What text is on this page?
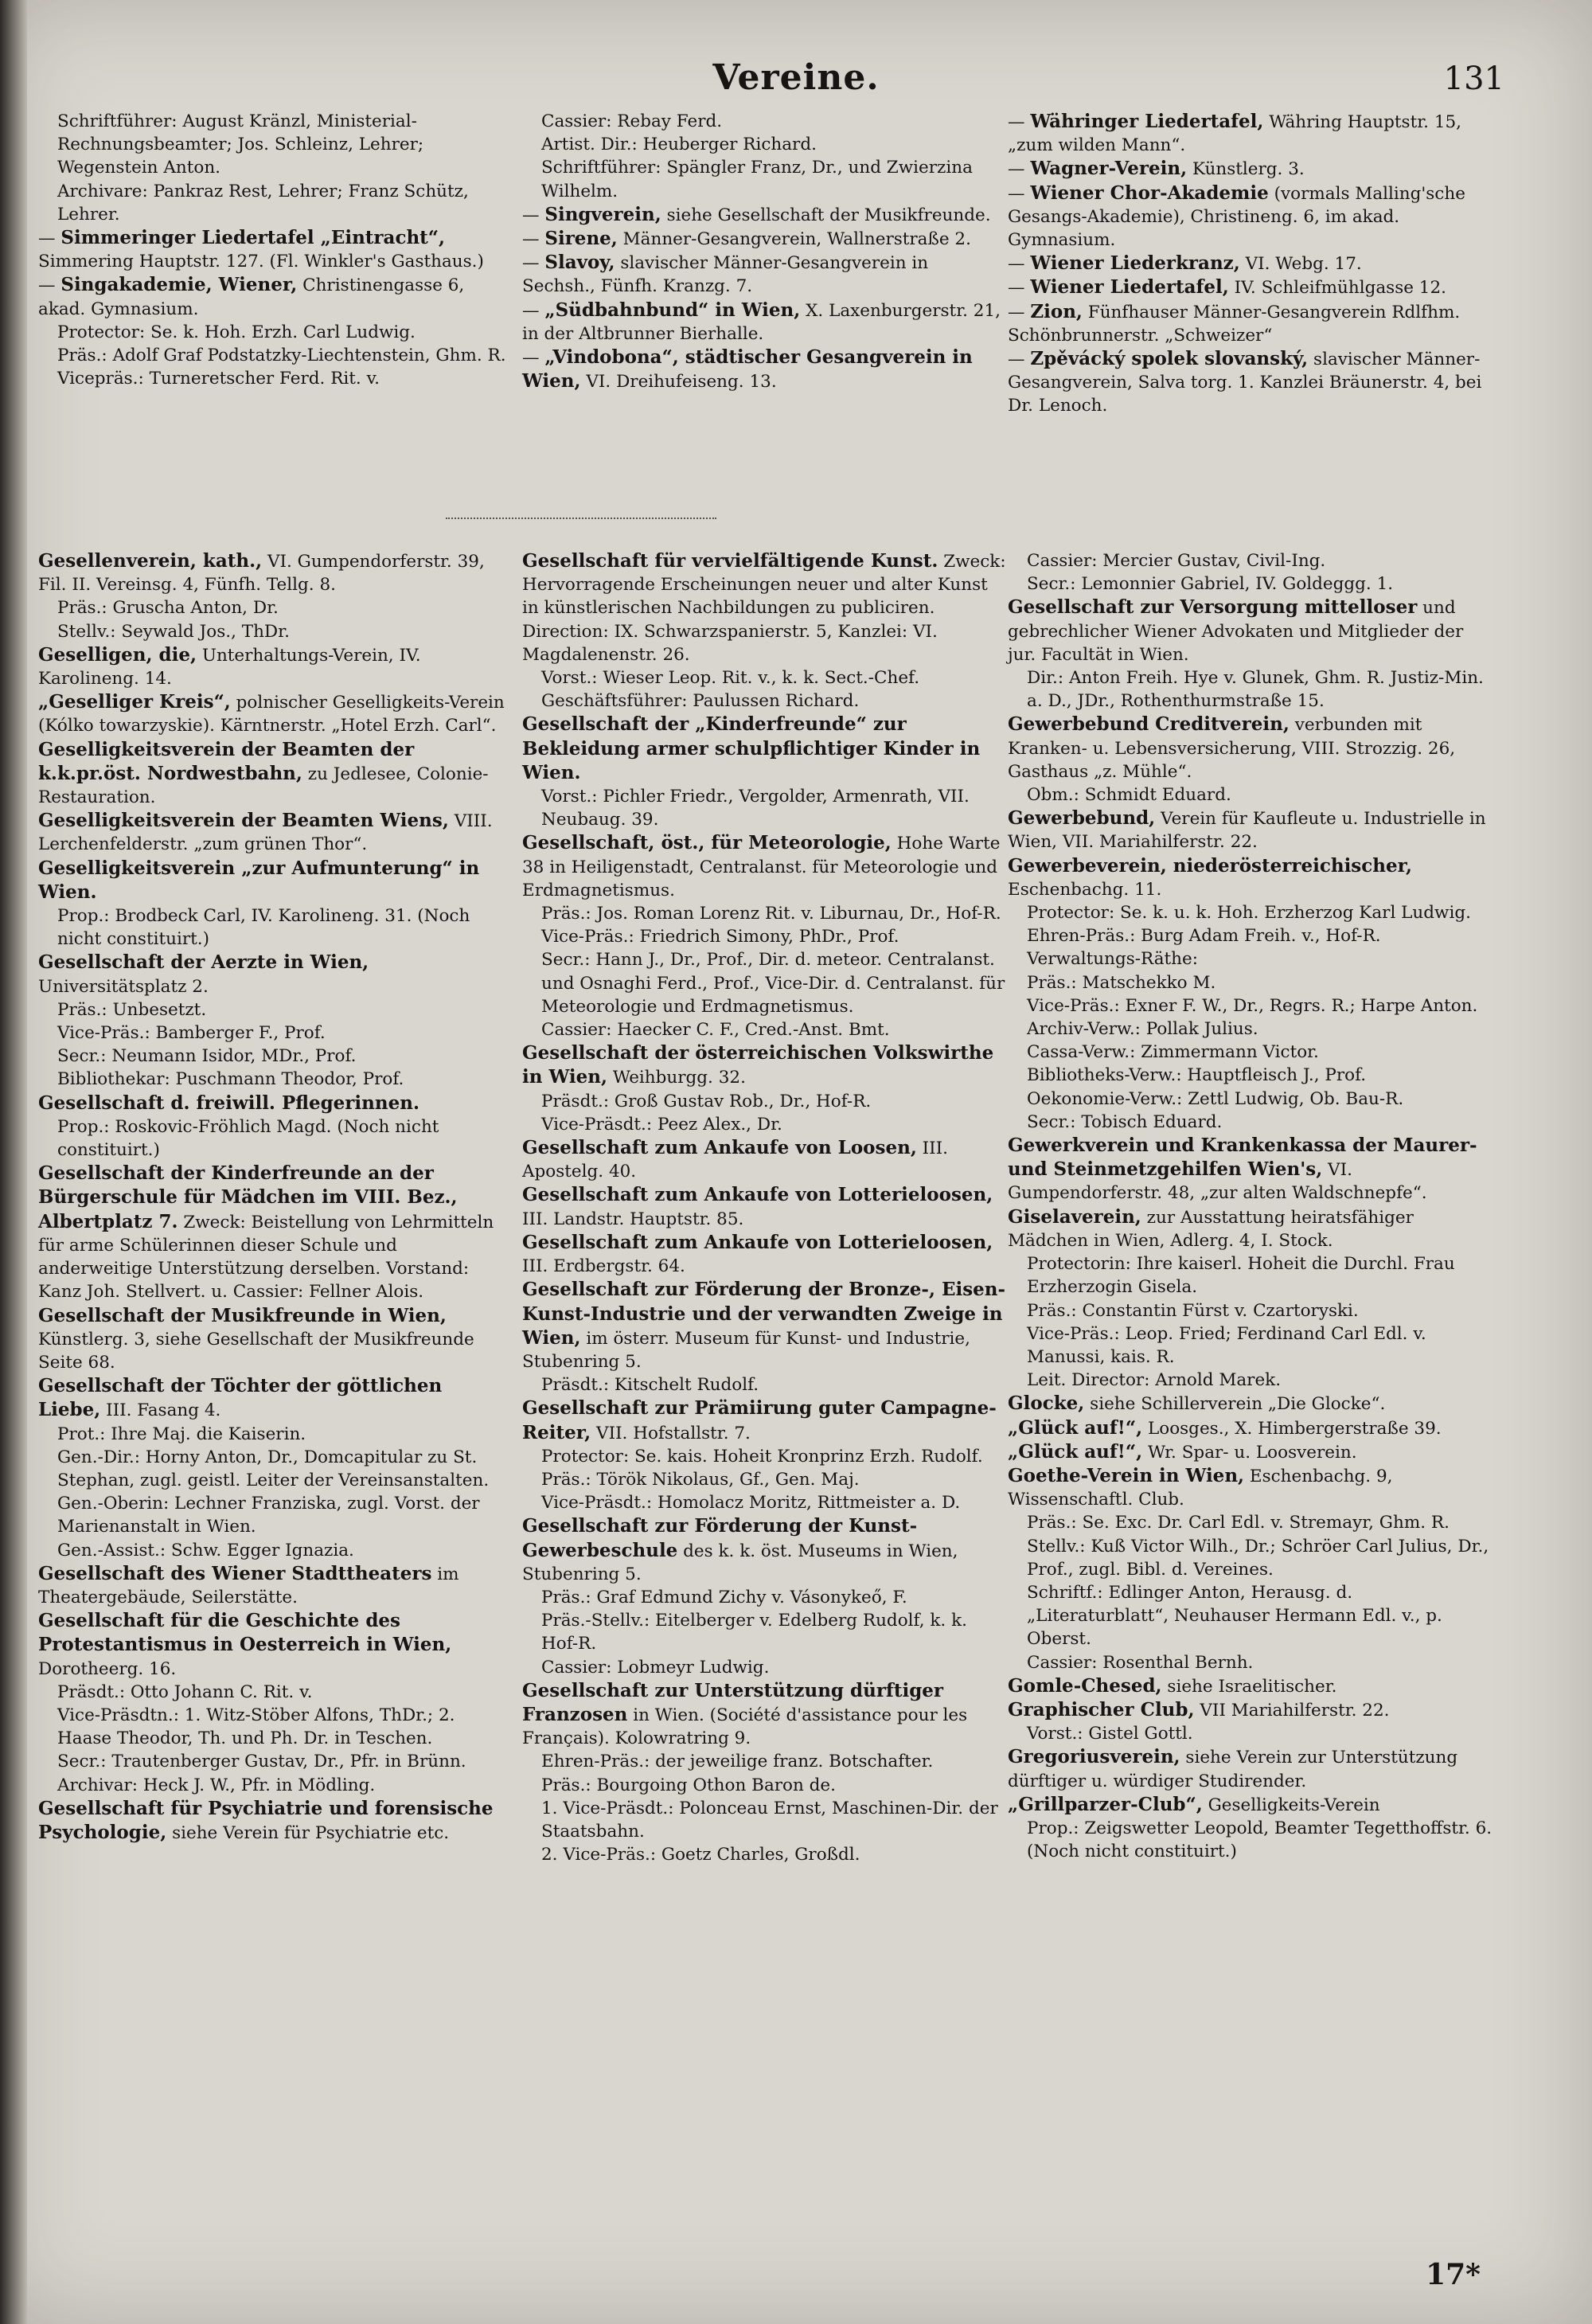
Vereine.	131

Schriftführer: August Kränzl, Ministerial-Rechnungsbeamter; Jos. Schleinz, Lehrer; Wegenstein Anton.

Archivare: Pankraz Rest, Lehrer; Franz Schütz, Lehrer.

— Simmeringer Liedertafel „Eintracht“, Simmering Hauptstr. 127. (Fl. Winkler's Gasthaus.)

— Singakademie, Wiener, Christinengasse 6, akad. Gymnasium.

Protector: Se. k. Hoh. Erzh. Carl Ludwig.

Präs.: Adolf Graf Podstatzky-Liechtenstein, Ghm. R.

Vicepräs.: Turneretscher Ferd. Rit. v.

Cassier: Rebay Ferd.

Artist. Dir.: Heuberger Richard.

Schriftführer: Spängler Franz, Dr., und Zwierzina Wilhelm.

— Singverein, siehe Gesellschaft der Musikfreunde.

— Sirene, Männer-Gesangverein, Wallnerstraße 2.

— Slavoy, slavischer Männer-Gesangverein in Sechsh., Fünfh. Kranzg. 7.

— „Südbahnbund“ in Wien, X. Laxenburgerstr. 21, in der Altbrunner Bierhalle.

— „Vindobona“, städtischer Gesangverein in Wien, VI. Dreihufeiseng. 13.

— Währinger Liedertafel, Währing Hauptstr. 15, „zum wilden Mann“.

— Wagner-Verein, Künstlerg. 3.

— Wiener Chor-Akademie (vormals Malling'sche Gesangs-Akademie), Christineng. 6, im akad. Gymnasium.

— Wiener Liederkranz, VI. Webg. 17.

— Wiener Liedertafel, IV. Schleifmühlgasse 12.

— Zion, Fünfhauser Männer-Gesangverein Rdlfhm. Schönbrunnerstr. „Schweizer“

— Zpěvácký spolek slovanský, slavischer Männer-Gesangverein, Salva torg. 1. Kanzlei Bräunerstr. 4, bei Dr. Lenoch.

Gesellenverein, kath., VI. Gumpendorferstr. 39, Fil. II. Vereinsg. 4, Fünfh. Tellg. 8.

Präs.: Gruscha Anton, Dr.

Stellv.: Seywald Jos., ThDr.

Geselligen, die, Unterhaltungs-Verein, IV. Karolineng. 14.

„Geselliger Kreis“, polnischer Geselligkeits-Verein (Kólko towarzyskie). Kärntnerstr. „Hotel Erzh. Carl“.

Geselligkeitsverein der Beamten der k.k.pr.öst. Nordwestbahn, zu Jedlesee, Colonie-Restauration.

Geselligkeitsverein der Beamten Wiens, VIII. Lerchenfelderstr. „zum grünen Thor“.

Geselligkeitsverein „zur Aufmunterung“ in Wien.

Prop.: Brodbeck Carl, IV. Karolineng. 31. (Noch nicht constituirt.)

Gesellschaft der Aerzte in Wien, Universitätsplatz 2.

Präs.: Unbesetzt.

Vice-Präs.: Bamberger F., Prof.

Secr.: Neumann Isidor, MDr., Prof.

Bibliothekar: Puschmann Theodor, Prof.

Gesellschaft d. freiwill. Pflegerinnen.

Prop.: Roskovic-Fröhlich Magd. (Noch nicht constituirt.)

Gesellschaft der Kinderfreunde an der Bürgerschule für Mädchen im VIII. Bez., Albertplatz 7. Zweck: Beistellung von Lehrmitteln für arme Schülerinnen dieser Schule und anderweitige Unterstützung derselben. Vorstand: Kanz Joh. Stellvert. u. Cassier: Fellner Alois.

Gesellschaft der Musikfreunde in Wien, Künstlerg. 3, siehe Gesellschaft der Musikfreunde Seite 68.

Gesellschaft der Töchter der göttlichen Liebe, III. Fasang 4.

Prot.: Ihre Maj. die Kaiserin.

Gen.-Dir.: Horny Anton, Dr., Domcapitular zu St. Stephan, zugl. geistl. Leiter der Vereinsanstalten.

Gen.-Oberin: Lechner Franziska, zugl. Vorst. der Marienanstalt in Wien.

Gen.-Assist.: Schw. Egger Ignazia.

Gesellschaft des Wiener Stadttheaters im Theatergebäude, Seilerstätte.

Gesellschaft für die Geschichte des Protestantismus in Oesterreich in Wien, Dorotheerg. 16.

Präsdt.: Otto Johann C. Rit. v.

Vice-Präsdtn.: 1. Witz-Stöber Alfons, ThDr.; 2. Haase Theodor, Th. und Ph. Dr. in Teschen.

Secr.: Trautenberger Gustav, Dr., Pfr. in Brünn.

Archivar: Heck J. W., Pfr. in Mödling.

Gesellschaft für Psychiatrie und forensische Psychologie, siehe Verein für Psychiatrie etc.

Gesellschaft für vervielfältigende Kunst. Zweck: Hervorragende Erscheinungen neuer und alter Kunst in künstlerischen Nachbildungen zu publiciren. Direction: IX. Schwarzspanierstr. 5, Kanzlei: VI. Magdalenenstr. 26.

Vorst.: Wieser Leop. Rit. v., k. k. Sect.-Chef.

Geschäftsführer: Paulussen Richard.

Gesellschaft der „Kinderfreunde“ zur Bekleidung armer schulpflichtiger Kinder in Wien.

Vorst.: Pichler Friedr., Vergolder, Armenrath, VII. Neubaug. 39.

Gesellschaft, öst., für Meteorologie, Hohe Warte 38 in Heiligenstadt, Centralanst. für Meteorologie und Erdmagnetismus.

Präs.: Jos. Roman Lorenz Rit. v. Liburnau, Dr., Hof-R.

Vice-Präs.: Friedrich Simony, PhDr., Prof.

Secr.: Hann J., Dr., Prof., Dir. d. meteor. Centralanst. und Osnaghi Ferd., Prof., Vice-Dir. d. Centralanst. für Meteorologie und Erdmagnetismus.

Cassier: Haecker C. F., Cred.-Anst. Bmt.

Gesellschaft der österreichischen Volkswirthe in Wien, Weihburgg. 32.

Präsdt.: Groß Gustav Rob., Dr., Hof-R.

Vice-Präsdt.: Peez Alex., Dr.

Gesellschaft zum Ankaufe von Loosen, III. Apostelg. 40.

Gesellschaft zum Ankaufe von Lotterieloosen, III. Landstr. Hauptstr. 85.

Gesellschaft zum Ankaufe von Lotterieloosen, III. Erdbergstr. 64.

Gesellschaft zur Förderung der Bronze-, Eisen-Kunst-Industrie und der verwandten Zweige in Wien, im österr. Museum für Kunst- und Industrie, Stubenring 5.

Präsdt.: Kitschelt Rudolf.

Gesellschaft zur Prämiirung guter Campagne-Reiter, VII. Hofstallstr. 7.

Protector: Se. kais. Hoheit Kronprinz Erzh. Rudolf.

Präs.: Török Nikolaus, Gf., Gen. Maj.

Vice-Präsdt.: Homolacz Moritz, Rittmeister a. D.

Gesellschaft zur Förderung der Kunst-Gewerbeschule des k. k. öst. Museums in Wien, Stubenring 5.

Präs.: Graf Edmund Zichy v. Vásonykeő, F.

Präs.-Stellv.: Eitelberger v. Edelberg Rudolf, k. k. Hof-R.

Cassier: Lobmeyr Ludwig.

Gesellschaft zur Unterstützung dürftiger Franzosen in Wien. (Société d'assistance pour les Français). Kolowratring 9.

Ehren-Präs.: der jeweilige franz. Botschafter.

Präs.: Bourgoing Othon Baron de.

1. Vice-Präsdt.: Polonceau Ernst, Maschinen-Dir. der Staatsbahn.

2. Vice-Präs.: Goetz Charles, Großdl.

Cassier: Mercier Gustav, Civil-Ing.

Secr.: Lemonnier Gabriel, IV. Goldeggg. 1.

Gesellschaft zur Versorgung mittelloser und gebrechlicher Wiener Advokaten und Mitglieder der jur. Facultät in Wien.

Dir.: Anton Freih. Hye v. Glunek, Ghm. R. Justiz-Min. a. D., JDr., Rothenthurmstraße 15.

Gewerbebund Creditverein, verbunden mit Kranken- u. Lebensversicherung, VIII. Strozzig. 26, Gasthaus „z. Mühle“.

Obm.: Schmidt Eduard.

Gewerbebund, Verein für Kaufleute u. Industrielle in Wien, VII. Mariahilferstr. 22.

Gewerbeverein, niederösterreichischer, Eschenbachg. 11.

Protector: Se. k. u. k. Hoh. Erzherzog Karl Ludwig.

Ehren-Präs.: Burg Adam Freih. v., Hof-R.

Verwaltungs-Räthe:

Präs.: Matschekko M.

Vice-Präs.: Exner F. W., Dr., Regrs. R.; Harpe Anton.

Archiv-Verw.: Pollak Julius.

Cassa-Verw.: Zimmermann Victor.

Bibliotheks-Verw.: Hauptfleisch J., Prof.

Oekonomie-Verw.: Zettl Ludwig, Ob. Bau-R.

Secr.: Tobisch Eduard.

Gewerkverein und Krankenkassa der Maurer- und Steinmetzgehilfen Wien's, VI. Gumpendorferstr. 48, „zur alten Waldschnepfe“.

Giselaverein, zur Ausstattung heiratsfähiger Mädchen in Wien, Adlerg. 4, I. Stock.

Protectorin: Ihre kaiserl. Hoheit die Durchl. Frau Erzherzogin Gisela.

Präs.: Constantin Fürst v. Czartoryski.

Vice-Präs.: Leop. Fried; Ferdinand Carl Edl. v. Manussi, kais. R.

Leit. Director: Arnold Marek.

Glocke, siehe Schillerverein „Die Glocke“.

„Glück auf!“, Loosges., X. Himbergerstraße 39.

„Glück auf!“, Wr. Spar- u. Loosverein.

Goethe-Verein in Wien, Eschenbachg. 9, Wissenschaftl. Club.

Präs.: Se. Exc. Dr. Carl Edl. v. Stremayr, Ghm. R.

Stellv.: Kuß Victor Wilh., Dr.; Schröer Carl Julius, Dr., Prof., zugl. Bibl. d. Vereines.

Schriftf.: Edlinger Anton, Herausg. d. „Literaturblatt“, Neuhauser Hermann Edl. v., p. Oberst.

Cassier: Rosenthal Bernh.

Gomle-Chesed, siehe Israelitischer.

Graphischer Club, VII Mariahilferstr. 22.

Vorst.: Gistel Gottl.

Gregoriusverein, siehe Verein zur Unterstützung dürftiger u. würdiger Studirender.

„Grillparzer-Club“, Geselligkeits-Verein

Prop.: Zeigswetter Leopold, Beamter Tegetthoffstr. 6. (Noch nicht constituirt.)

17*
